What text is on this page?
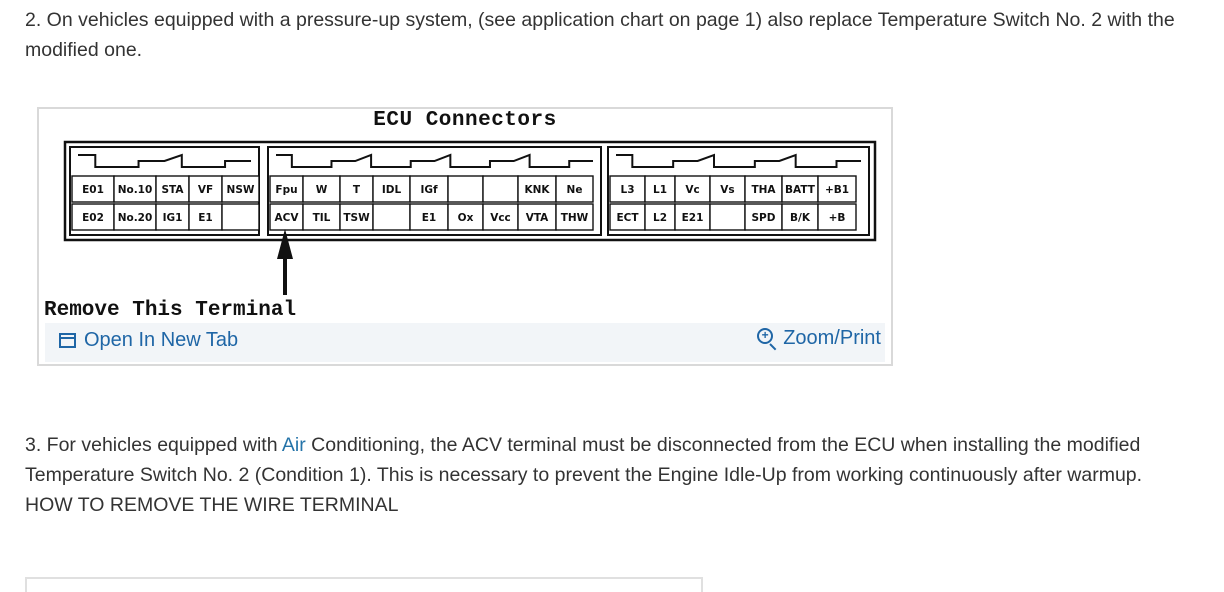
2. On vehicles equipped with a pressure-up system, (see application chart on page 1) also replace Temperature Switch No. 2 with the modified one.
E01
E02
No.10
No.20
STA
IG1
VF
E1
NSW Fpu
ACV
W
TIL
T
TSW
IDL IGf
E1 Ox Vcc
KNK
VTA
Ne
THW
L3
ECT
L1
L2
Vc
E21
Vs THA
SPD
BATT
B/K
+B1
+B
ECU Connectors
Remove This Terminal
Open In New Tab	+ Zoom/Print
3. For vehicles equipped with Air Conditioning, the ACV terminal must be disconnected from the ECU when installing the modified Temperature Switch No. 2 (Condition 1). This is necessary to prevent the Engine Idle-Up from working continuously after warmup.
HOW TO REMOVE THE WIRE TERMINAL
